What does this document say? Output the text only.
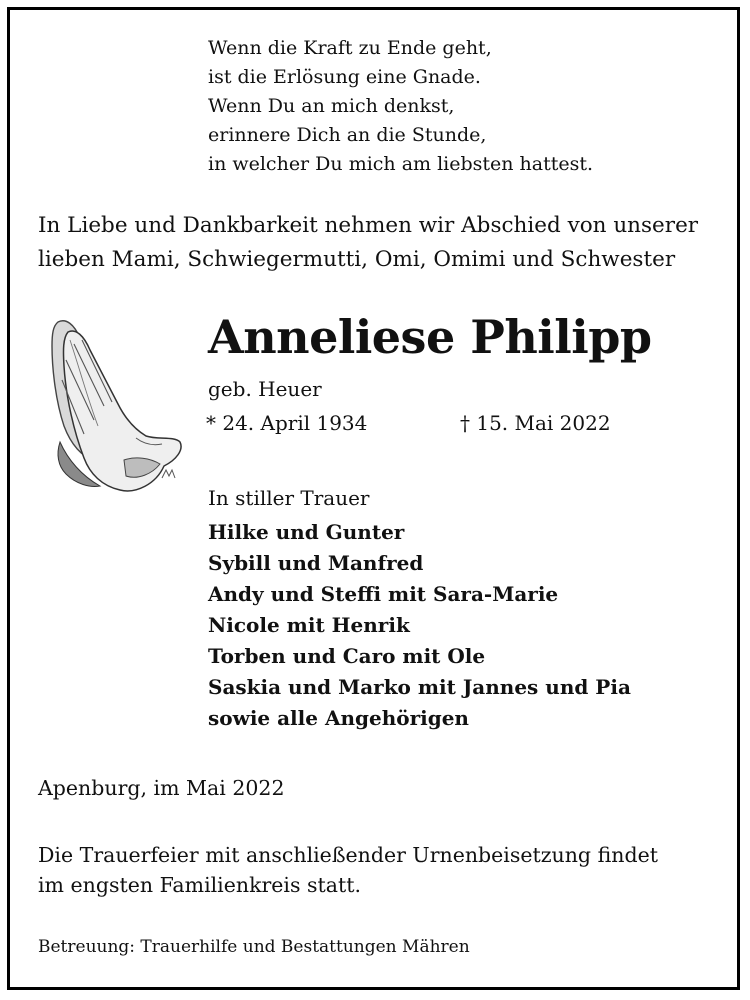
Wenn die Kraft zu Ende geht,
ist die Erlösung eine Gnade.
Wenn Du an mich denkst,
erinnere Dich an die Stunde,
in welcher Du mich am liebsten hattest.
In Liebe und Dankbarkeit nehmen wir Abschied von unserer
lieben Mami, Schwiegermutti, Omi, Omimi und Schwester
Anneliese Philipp
geb. Heuer
* 24. April 1934	† 15. Mai 2022
In stiller Trauer
Hilke und Gunter
Sybill und Manfred
Andy und Steffi mit Sara-Marie
Nicole mit Henrik
Torben und Caro mit Ole
Saskia und Marko mit Jannes und Pia
sowie alle Angehörigen
Apenburg, im Mai 2022
Die Trauerfeier mit anschließender Urnenbeisetzung findet
im engsten Familienkreis statt.
Betreuung: Trauerhilfe und Bestattungen Mähren
